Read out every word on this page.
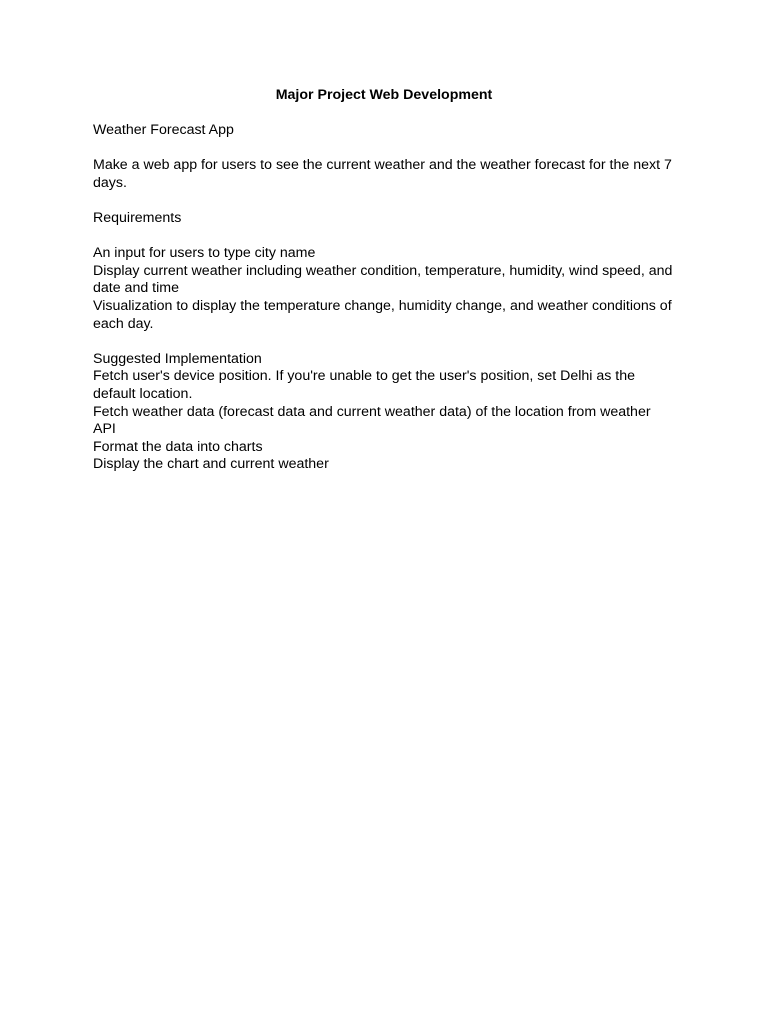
Major Project Web Development

Weather Forecast App

Make a web app for users to see the current weather and the weather forecast for the next 7

days.

Requirements

An input for users to type city name

Display current weather including weather condition, temperature, humidity, wind speed, and

date and time

Visualization to display the temperature change, humidity change, and weather conditions of

each day.

Suggested Implementation

Fetch user's device position. If you're unable to get the user's position, set Delhi as the

default location.

Fetch weather data (forecast data and current weather data) of the location from weather

API

Format the data into charts

Display the chart and current weather
